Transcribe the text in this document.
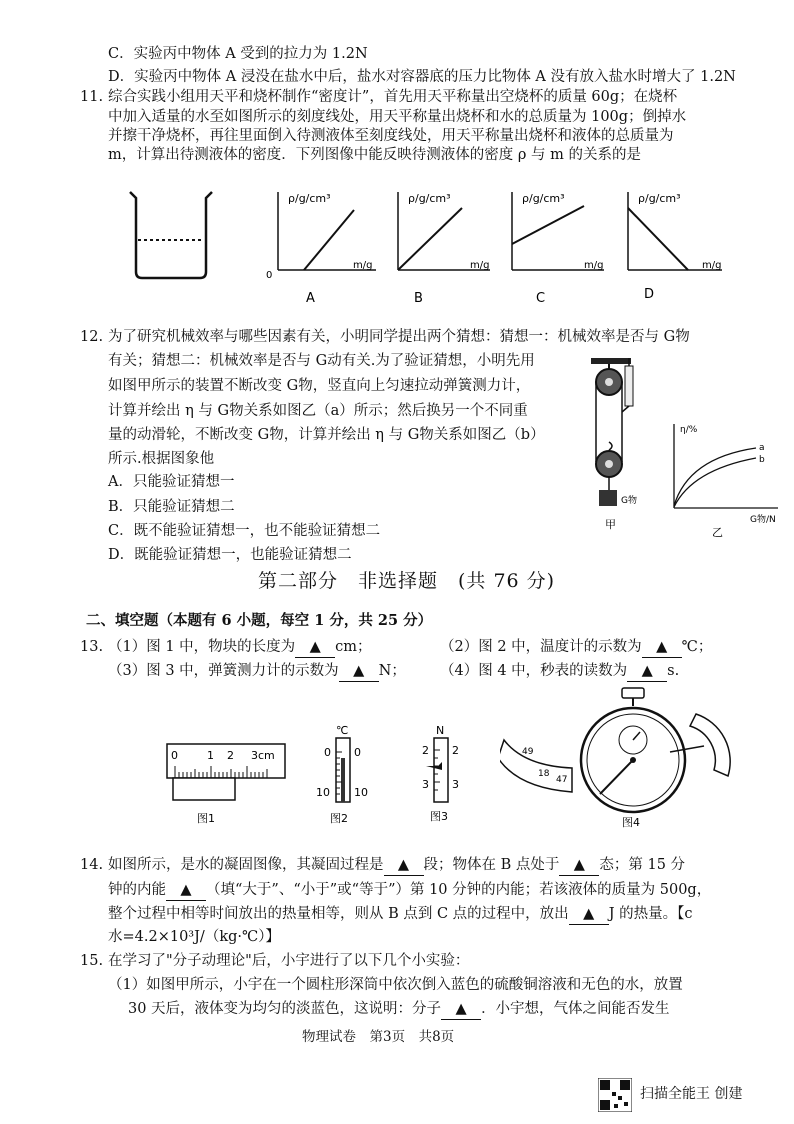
C．实验丙中物体 A 受到的拉力为 1.2N
D．实验丙中物体 A 浸没在盐水中后，盐水对容器底的压力比物体 A 没有放入盐水时增大了 1.2N
11. 综合实践小组用天平和烧杯制作“密度计”，首先用天平称量出空烧杯的质量 60g；在烧杯
中加入适量的水至如图所示的刻度线处，用天平称量出烧杯和水的总质量为 100g；倒掉水
并擦干净烧杯，再往里面倒入待测液体至刻度线处，用天平称量出烧杯和液体的总质量为
m，计算出待测液体的密度．下列图像中能反映待测液体的密度 ρ 与 m 的关系的是
ρ/g/cm³
m/g
0
A
ρ/g/cm³
m/g
B
ρ/g/cm³
m/g
C
ρ/g/cm³
m/g
D
12. 为了研究机械效率与哪些因素有关，小明同学提出两个猜想：猜想一：机械效率是否与 G物
有关；猜想二：机械效率是否与 G动有关.为了验证猜想，小明先用
如图甲所示的装置不断改变 G物，竖直向上匀速拉动弹簧测力计，
计算并绘出 η 与 G物关系如图乙（a）所示；然后换另一个不同重
量的动滑轮，不断改变 G物，计算并绘出 η 与 G物关系如图乙（b）
所示.根据图象他
A．只能验证猜想一
B．只能验证猜想二
C．既不能验证猜想一，也不能验证猜想二
D．既能验证猜想一，也能验证猜想二
G物
甲
η/%
a
b
G物/N
乙
第二部分　非选择题　(共 76 分)
二、填空题（本题有 6 小题，每空 1 分，共 25 分）
13. （1）图 1 中，物块的长度为 ▲ cm；	（2）图 2 中，温度计的示数为 ▲ ℃；
（3）图 3 中，弹簧测力计的示数为 ▲ N； （4）图 4 中，秒表的读数为 ▲ s.
0	1 2 3cm
图1
℃
0 0
10 10
图2
N
2 2
3 3
图3
49
18
47
图4
14. 如图所示，是水的凝固图像，其凝固过程是 ▲ 段；物体在 B 点处于 ▲ 态；第 15 分
钟的内能 ▲ （填“大于”、“小于”或“等于”）第 10 分钟的内能；若该液体的质量为 500g，
整个过程中相等时间放出的热量相等，则从 B 点到 C 点的过程中，放出 ▲ J 的热量。【c
水=4.2×10³J/（kg·℃）】
15. 在学习了"分子动理论"后，小宇进行了以下几个小实验：
（1）如图甲所示，小宇在一个圆柱形深筒中依次倒入蓝色的硫酸铜溶液和无色的水，放置
30 天后，液体变为均匀的淡蓝色，这说明：分子 ▲ ．小宇想，气体之间能否发生
物理试卷　第3页　共8页
扫描全能王 创建
